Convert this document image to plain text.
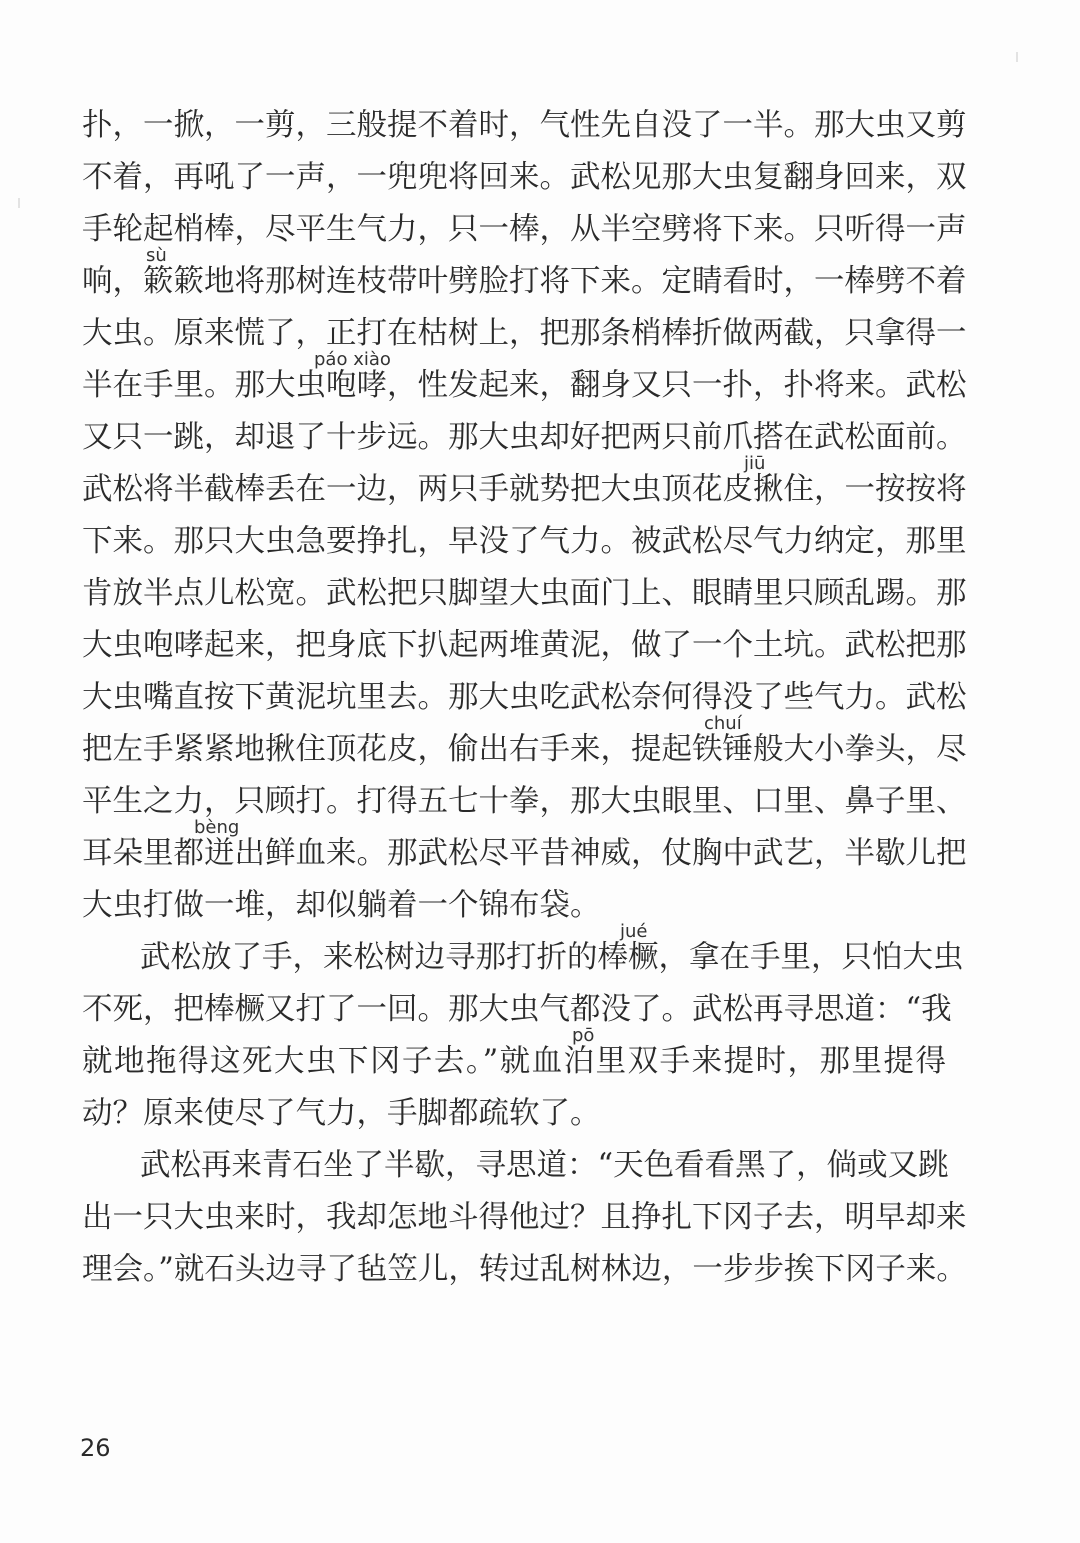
扑，一掀，一剪，三般提不着时，气性先自没了一半。那大虫又剪
不着，再吼了一声，一兜兜将回来。武松见那大虫复翻身回来，双
手轮起梢棒，尽平生气力，只一棒，从半空劈将下来。只听得一声
sù
响，簌簌地将那树连枝带叶劈脸打将下来。定睛看时，一棒劈不着
大虫。原来慌了，正打在枯树上，把那条梢棒折做两截，只拿得一
páo xiào
半在手里。那大虫咆哮，性发起来，翻身又只一扑，扑将来。武松
又只一跳，却退了十步远。那大虫却好把两只前爪搭在武松面前。
jiū
武松将半截棒丢在一边，两只手就势把大虫顶花皮揪住，一按按将
下来。那只大虫急要挣扎，早没了气力。被武松尽气力纳定，那里
肯放半点儿松宽。武松把只脚望大虫面门上、眼睛里只顾乱踢。那
大虫咆哮起来，把身底下扒起两堆黄泥，做了一个土坑。武松把那
大虫嘴直按下黄泥坑里去。那大虫吃武松奈何得没了些气力。武松
chuí
把左手紧紧地揪住顶花皮，偷出右手来，提起铁锤般大小拳头，尽
平生之力，只顾打。打得五七十拳，那大虫眼里、口里、鼻子里、
bèng
耳朵里都迸出鲜血来。那武松尽平昔神威，仗胸中武艺，半歇儿把
大虫打做一堆，却似躺着一个锦布袋。
jué
武松放了手，来松树边寻那打折的棒橛，拿在手里，只怕大虫
不死，把棒橛又打了一回。那大虫气都没了。武松再寻思道：“我
pō
就地拖得这死大虫下冈子去。”就血泊里双手来提时，那里提得
动？原来使尽了气力，手脚都疏软了。
武松再来青石坐了半歇，寻思道：“天色看看黑了，倘或又跳
出一只大虫来时，我却怎地斗得他过？且挣扎下冈子去，明早却来
理会。”就石头边寻了毡笠儿，转过乱树林边，一步步挨下冈子来。
26
